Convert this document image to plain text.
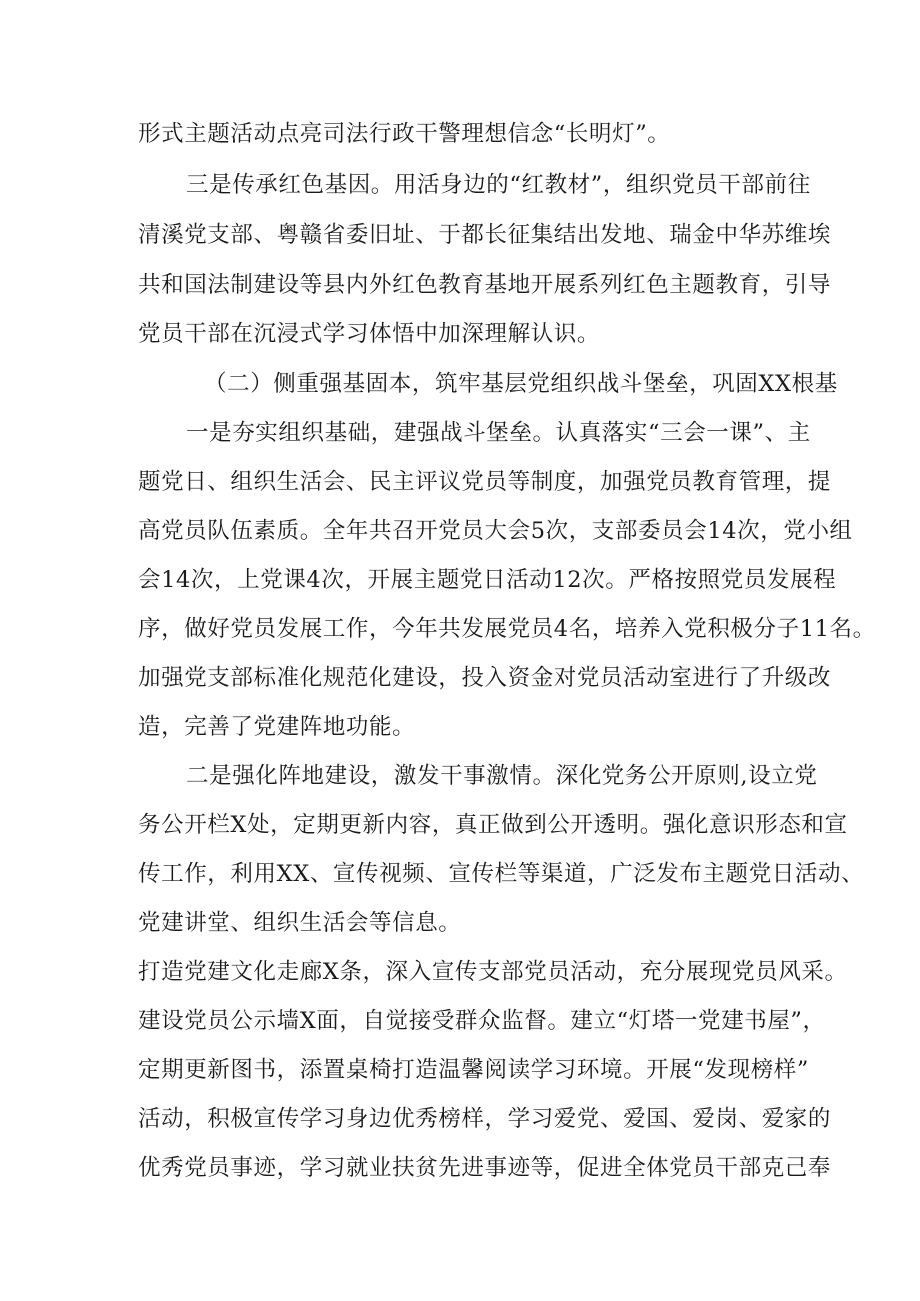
形式主题活动点亮司法行政干警理想信念“长明灯”。
三是传承红色基因。用活身边的“红教材”，组织党员干部前往
清溪党支部、粤赣省委旧址、于都长征集结出发地、瑞金中华苏维埃
共和国法制建设等县内外红色教育基地开展系列红色主题教育，引导
党员干部在沉浸式学习体悟中加深理解认识。
（二）侧重强基固本，筑牢基层党组织战斗堡垒，巩固XX根基
一是夯实组织基础，建强战斗堡垒。认真落实“三会一课”、主
题党日、组织生活会、民主评议党员等制度，加强党员教育管理，提
高党员队伍素质。全年共召开党员大会5次，支部委员会14次，党小组
会14次，上党课4次，开展主题党日活动12次。严格按照党员发展程
序，做好党员发展工作，今年共发展党员4名，培养入党积极分子11名。
加强党支部标准化规范化建设，投入资金对党员活动室进行了升级改
造，完善了党建阵地功能。
二是强化阵地建设，激发干事激情。深化党务公开原则,设立党
务公开栏X处，定期更新内容，真正做到公开透明。强化意识形态和宣
传工作，利用XX、宣传视频、宣传栏等渠道，广泛发布主题党日活动、
党建讲堂、组织生活会等信息。
打造党建文化走廊X条，深入宣传支部党员活动，充分展现党员风采。
建设党员公示墙X面，自觉接受群众监督。建立“灯塔一党建书屋”，
定期更新图书，添置桌椅打造温馨阅读学习环境。开展“发现榜样”
活动，积极宣传学习身边优秀榜样，学习爱党、爱国、爱岗、爱家的
优秀党员事迹，学习就业扶贫先进事迹等，促进全体党员干部克己奉
